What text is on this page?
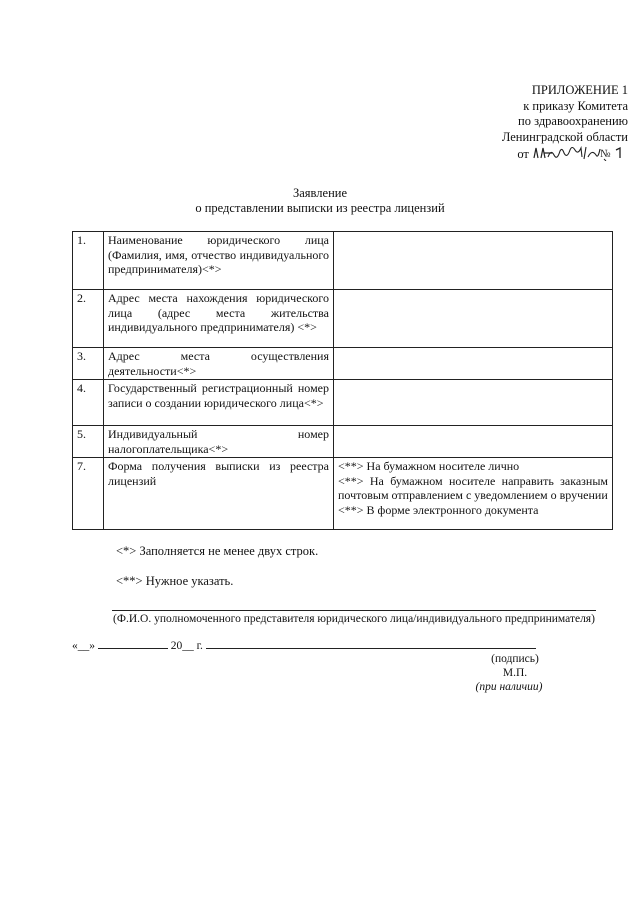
ПРИЛОЖЕНИЕ 1
к приказу Комитета
по здравоохранению
Ленинградской области
от	№
Заявление
о представлении выписки из реестра лицензий
1.	Наименование юридического лица (Фамилия, имя, отчество индивидуального предпринимателя)<*>	
2.	Адрес места нахождения юридического лица (адрес места жительства индивидуального предпринимателя) <*>	
3.	Адрес места осуществления деятельности<*>	
4.	Государственный регистрационный номер записи о создании юридического лица<*>	
5.	Индивидуальный номер налогоплательщика<*>	
7.	Форма получения выписки из реестра лицензий	<**> На бумажном носителе лично
<**> На бумажном носителе направить заказным почтовым отправлением с уведомлением о вручении
<**> В форме электронного документа
<*> Заполняется не менее двух строк.
<**> Нужное указать.
(Ф.И.О. уполномоченного представителя юридического лица/индивидуального предпринимателя)
«__»	20__ г.
(подпись)
М.П.
(при наличии)
